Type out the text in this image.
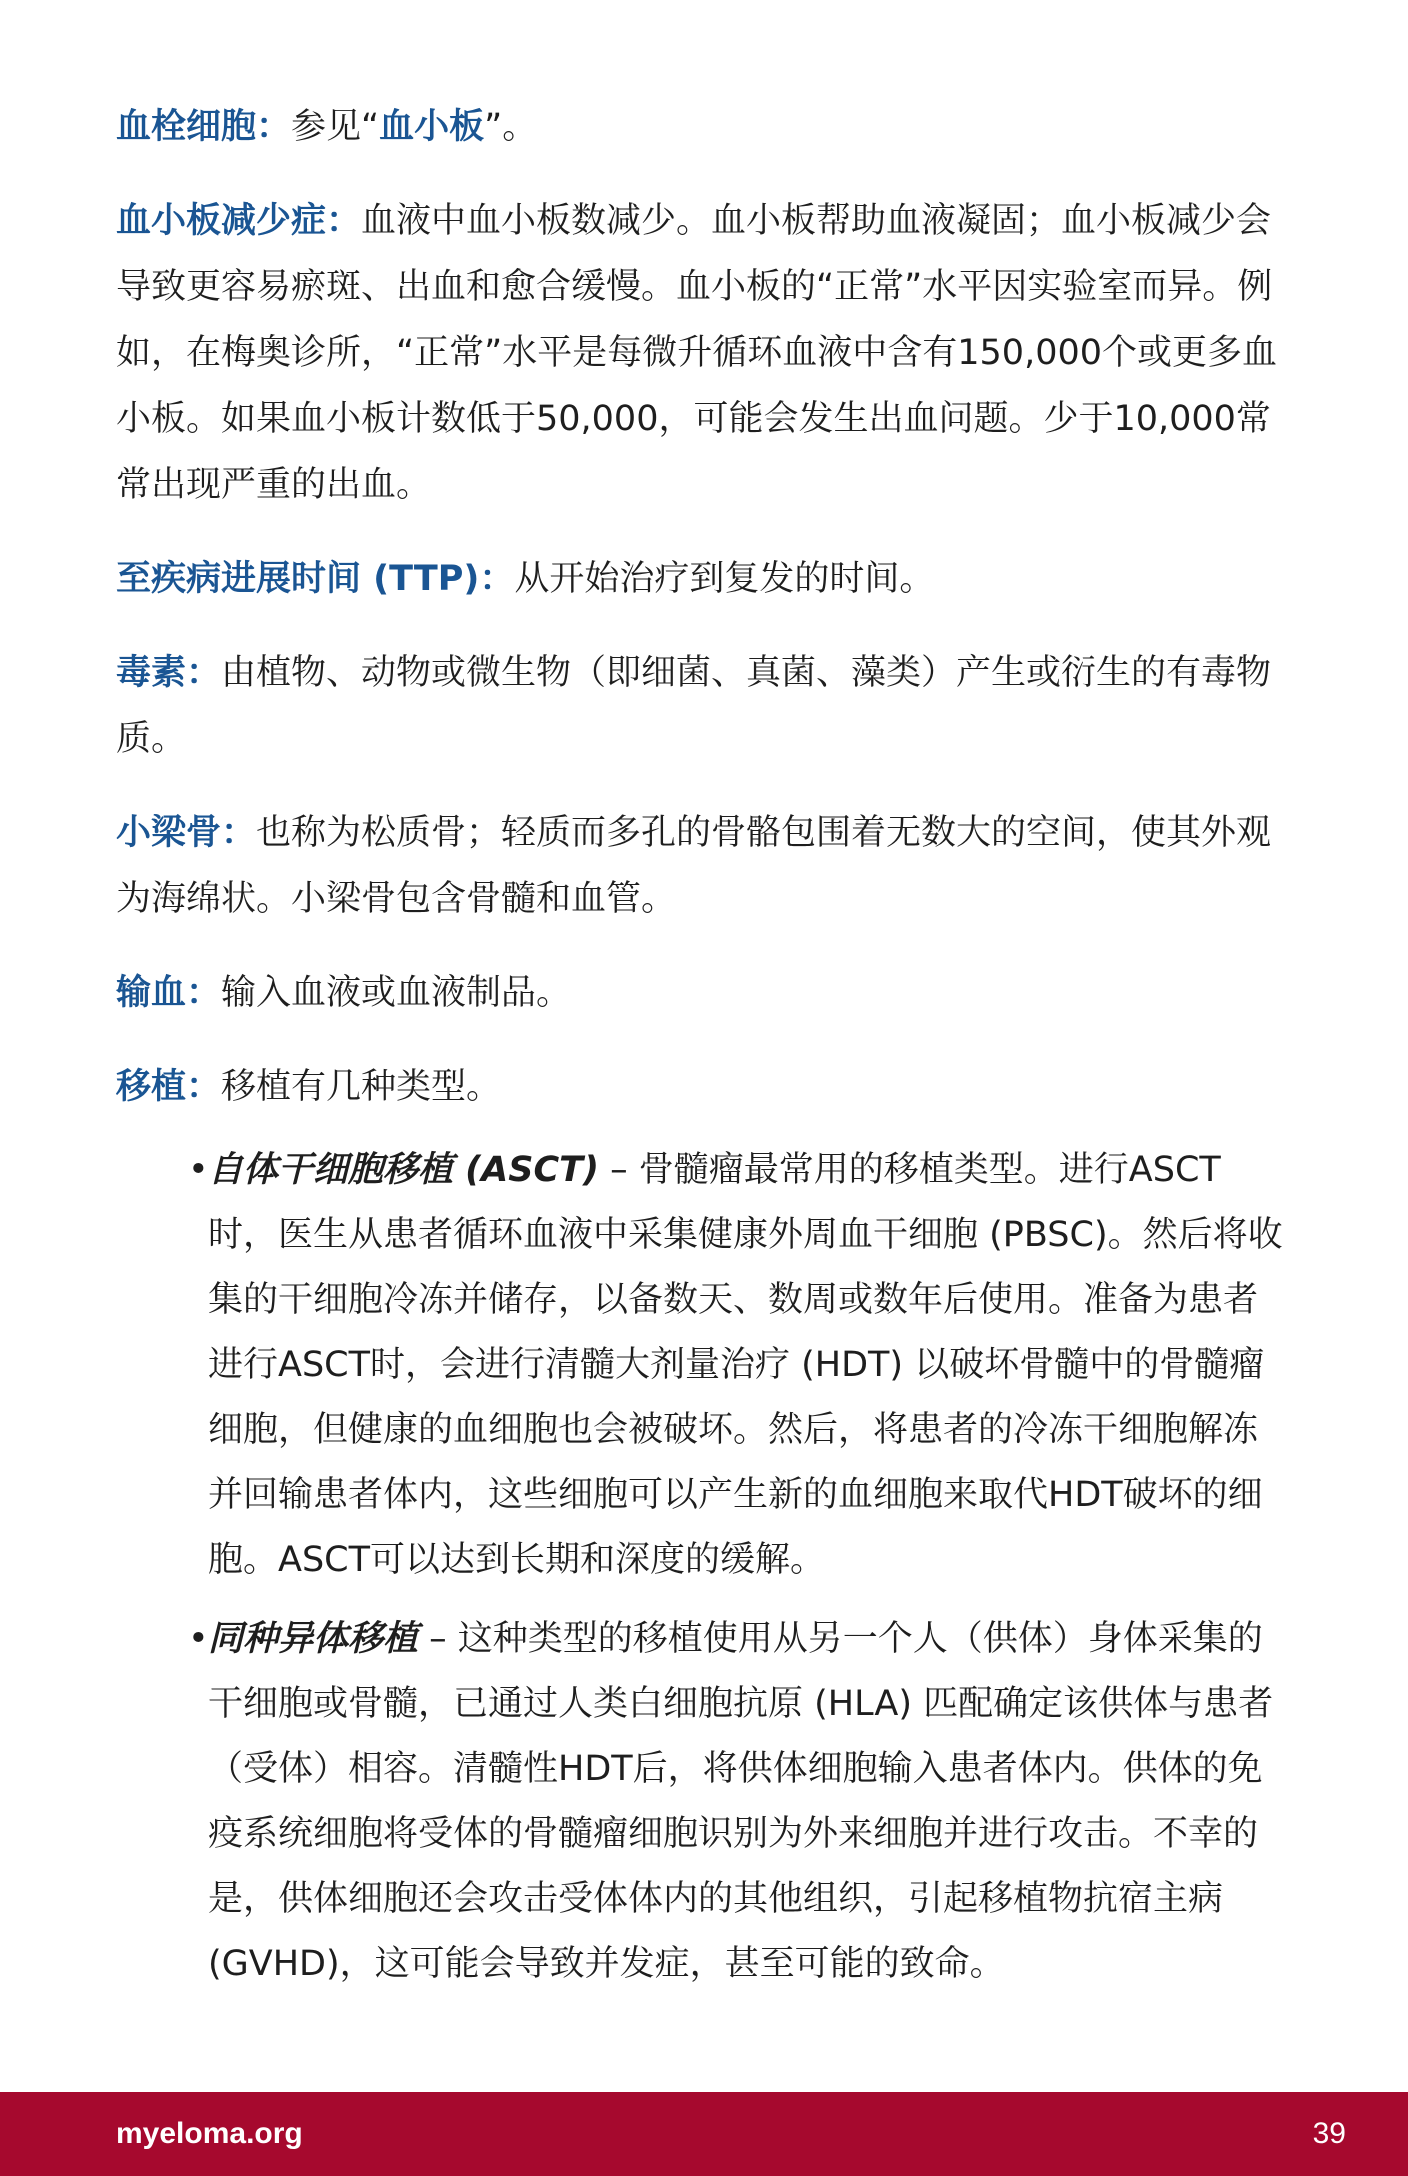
血栓细胞：参见“血小板”。

血小板减少症：血液中血小板数减少。血小板帮助血液凝固；血小板减少会导致更容易瘀斑、出血和愈合缓慢。血小板的“正常”水平因实验室而异。例如，在梅奥诊所，“正常”水平是每微升循环血液中含有150,000个或更多血小板。如果血小板计数低于50,000，可能会发生出血问题。少于10,000常常出现严重的出血。

至疾病进展时间 (TTP)：从开始治疗到复发的时间。

毒素：由植物、动物或微生物（即细菌、真菌、藻类）产生或衍生的有毒物质。

小梁骨：也称为松质骨；轻质而多孔的骨骼包围着无数大的空间，使其外观为海绵状。小梁骨包含骨髓和血管。

输血：输入血液或血液制品。

移植：移植有几种类型。

• 自体干细胞移植 (ASCT) – 骨髓瘤最常用的移植类型。进行ASCT时，医生从患者循环血液中采集健康外周血干细胞 (PBSC)。然后将收集的干细胞冷冻并储存，以备数天、数周或数年后使用。准备为患者进行ASCT时，会进行清髓大剂量治疗 (HDT) 以破坏骨髓中的骨髓瘤细胞，但健康的血细胞也会被破坏。然后，将患者的冷冻干细胞解冻并回输患者体内，这些细胞可以产生新的血细胞来取代HDT破坏的细胞。ASCT可以达到长期和深度的缓解。
• 同种异体移植 – 这种类型的移植使用从另一个人（供体）身体采集的干细胞或骨髓，已通过人类白细胞抗原 (HLA) 匹配确定该供体与患者（受体）相容。清髓性HDT后，将供体细胞输入患者体内。供体的免疫系统细胞将受体的骨髓瘤细胞识别为外来细胞并进行攻击。不幸的是，供体细胞还会攻击受体体内的其他组织，引起移植物抗宿主病 (GVHD)，这可能会导致并发症，甚至可能的致命。
myeloma.org	39
